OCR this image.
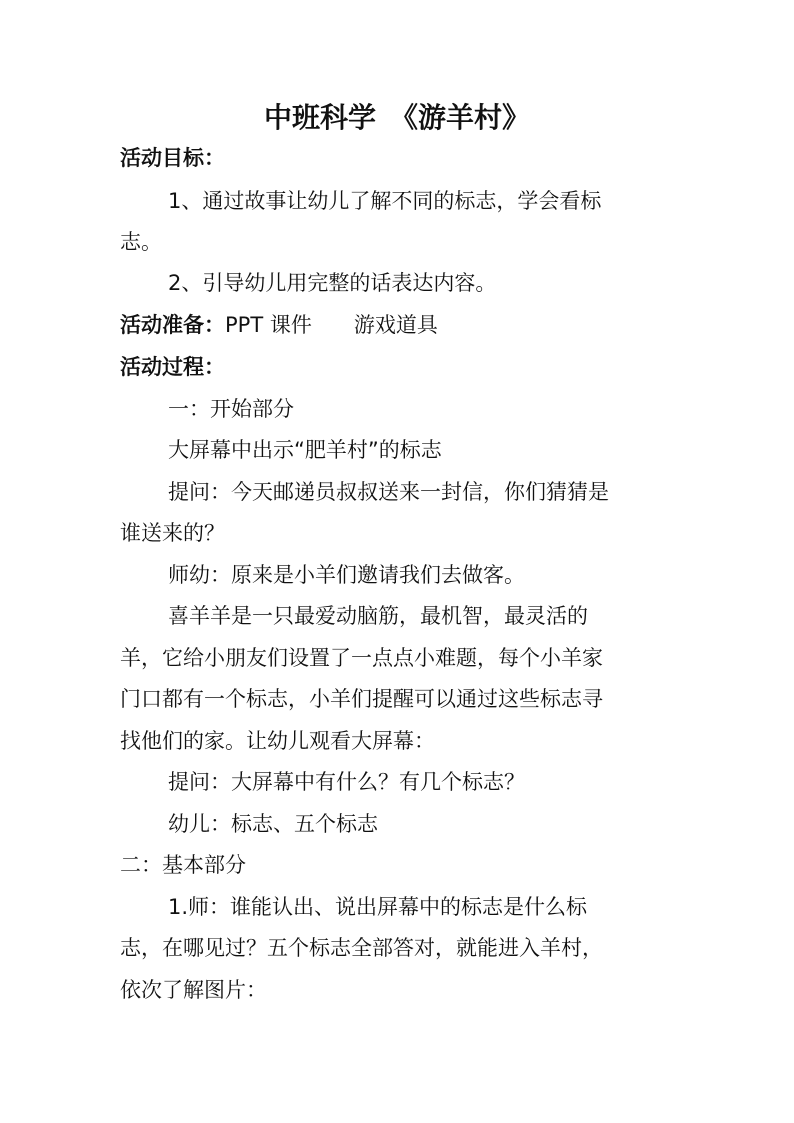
中班科学　《游羊村》
活动目标：
1、通过故事让幼儿了解不同的标志，学会看标
志。
2、引导幼儿用完整的话表达内容。
活动准备：PPT 课件　　游戏道具
活动过程：
一：开始部分
大屏幕中出示“肥羊村”的标志
提问：今天邮递员叔叔送来一封信，你们猜猜是
谁送来的？
师幼：原来是小羊们邀请我们去做客。
喜羊羊是一只最爱动脑筋，最机智，最灵活的
羊，它给小朋友们设置了一点点小难题，每个小羊家
门口都有一个标志，小羊们提醒可以通过这些标志寻
找他们的家。让幼儿观看大屏幕：
提问：大屏幕中有什么？有几个标志？
幼儿：标志、五个标志
二：基本部分
1.师：谁能认出、说出屏幕中的标志是什么标
志，在哪见过？五个标志全部答对，就能进入羊村，
依次了解图片：
